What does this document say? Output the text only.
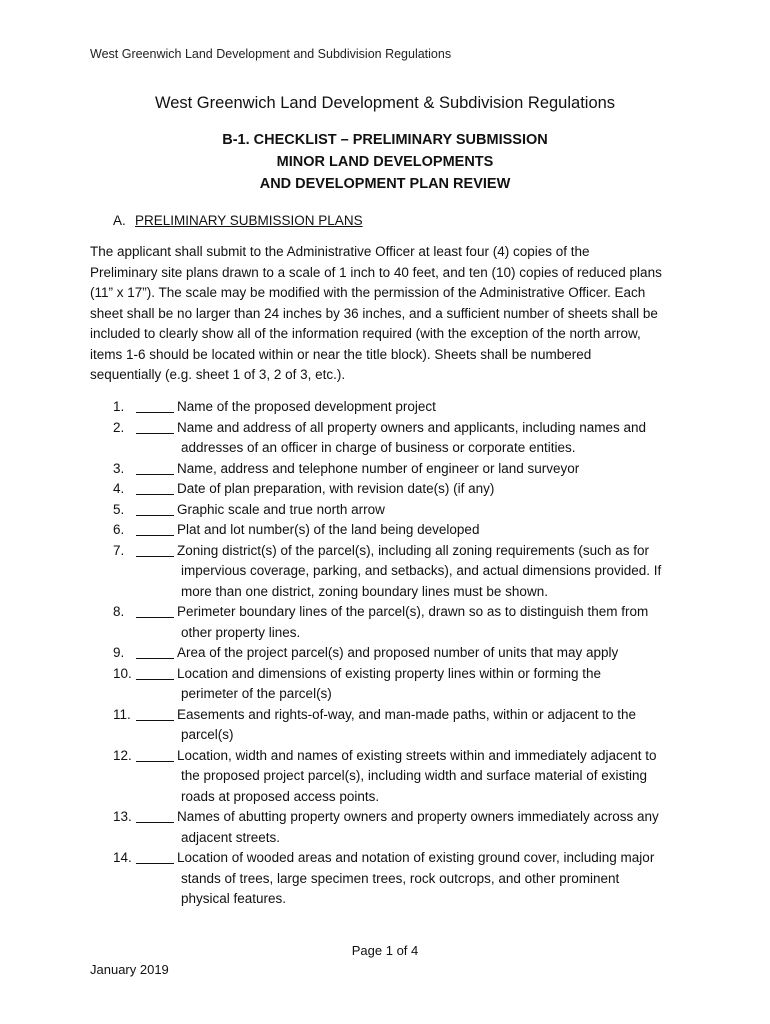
West Greenwich Land Development and Subdivision Regulations
West Greenwich Land Development & Subdivision Regulations
B-1. CHECKLIST – PRELIMINARY SUBMISSION
MINOR LAND DEVELOPMENTS
AND DEVELOPMENT PLAN REVIEW
A. PRELIMINARY SUBMISSION PLANS
The applicant shall submit to the Administrative Officer at least four (4) copies of the
Preliminary site plans drawn to a scale of 1 inch to 40 feet, and ten (10) copies of reduced plans
(11” x 17”). The scale may be modified with the permission of the Administrative Officer. Each
sheet shall be no larger than 24 inches by 36 inches, and a sufficient number of sheets shall be
included to clearly show all of the information required (with the exception of the north arrow,
items 1-6 should be located within or near the title block). Sheets shall be numbered
sequentially (e.g. sheet 1 of 3, 2 of 3, etc.).
1.	Name of the proposed development project
2.	Name and address of all property owners and applicants, including names and
addresses of an officer in charge of business or corporate entities.
3.	Name, address and telephone number of engineer or land surveyor
4.	Date of plan preparation, with revision date(s) (if any)
5.	Graphic scale and true north arrow
6.	Plat and lot number(s) of the land being developed
7.	Zoning district(s) of the parcel(s), including all zoning requirements (such as for
impervious coverage, parking, and setbacks), and actual dimensions provided. If
more than one district, zoning boundary lines must be shown.
8.	Perimeter boundary lines of the parcel(s), drawn so as to distinguish them from
other property lines.
9.	Area of the project parcel(s) and proposed number of units that may apply
10.	Location and dimensions of existing property lines within or forming the
perimeter of the parcel(s)
11.	Easements and rights-of-way, and man-made paths, within or adjacent to the
parcel(s)
12.	Location, width and names of existing streets within and immediately adjacent to
the proposed project parcel(s), including width and surface material of existing
roads at proposed access points.
13.	Names of abutting property owners and property owners immediately across any
adjacent streets.
14.	Location of wooded areas and notation of existing ground cover, including major
stands of trees, large specimen trees, rock outcrops, and other prominent
physical features.
Page 1 of 4
January 2019
